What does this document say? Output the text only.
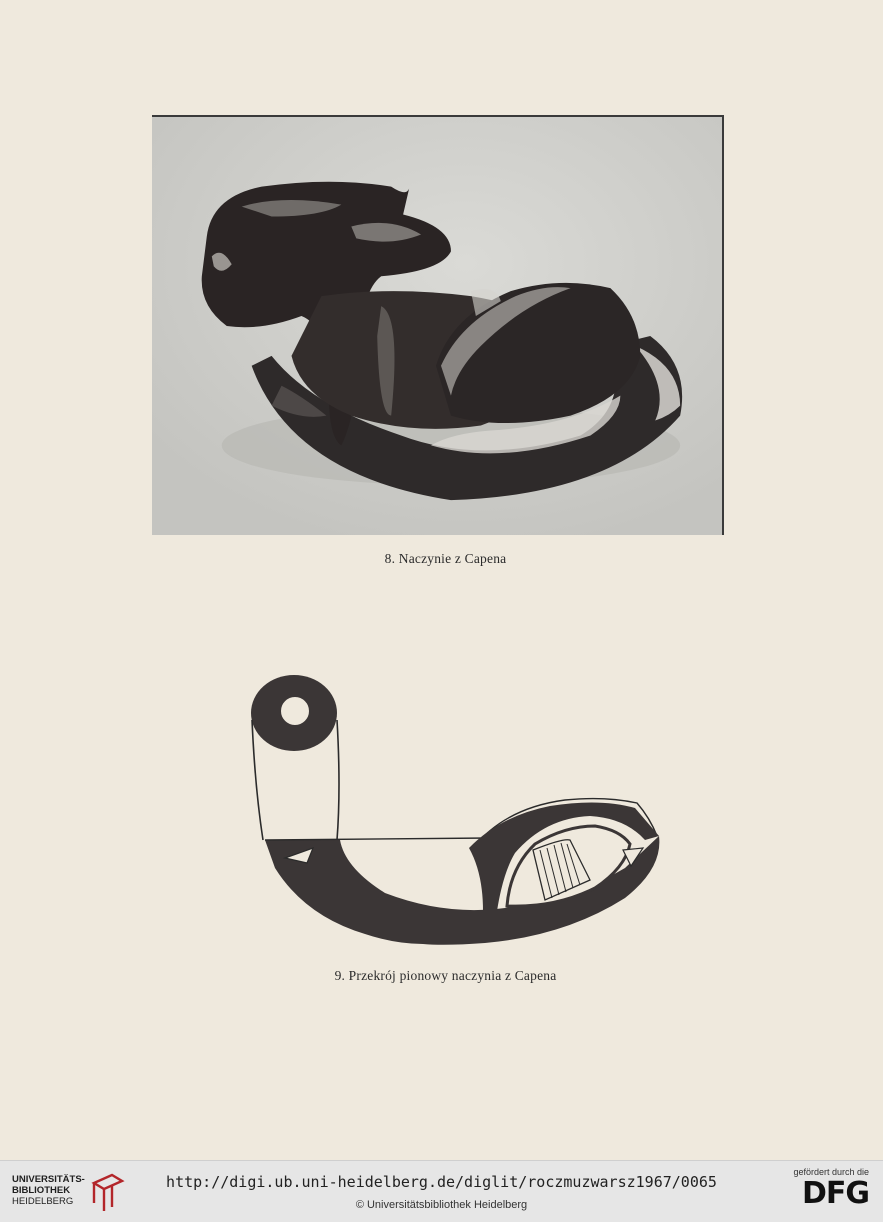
8. Naczynie z Capena
9. Przekrój pionowy naczynia z Capena
UNIVERSITÄTS-
BIBLIOTHEK
HEIDELBERG
http://digi.ub.uni-heidelberg.de/diglit/roczmuzwarsz1967/0065
© Universitätsbibliothek Heidelberg
gefördert durch die
DFG
